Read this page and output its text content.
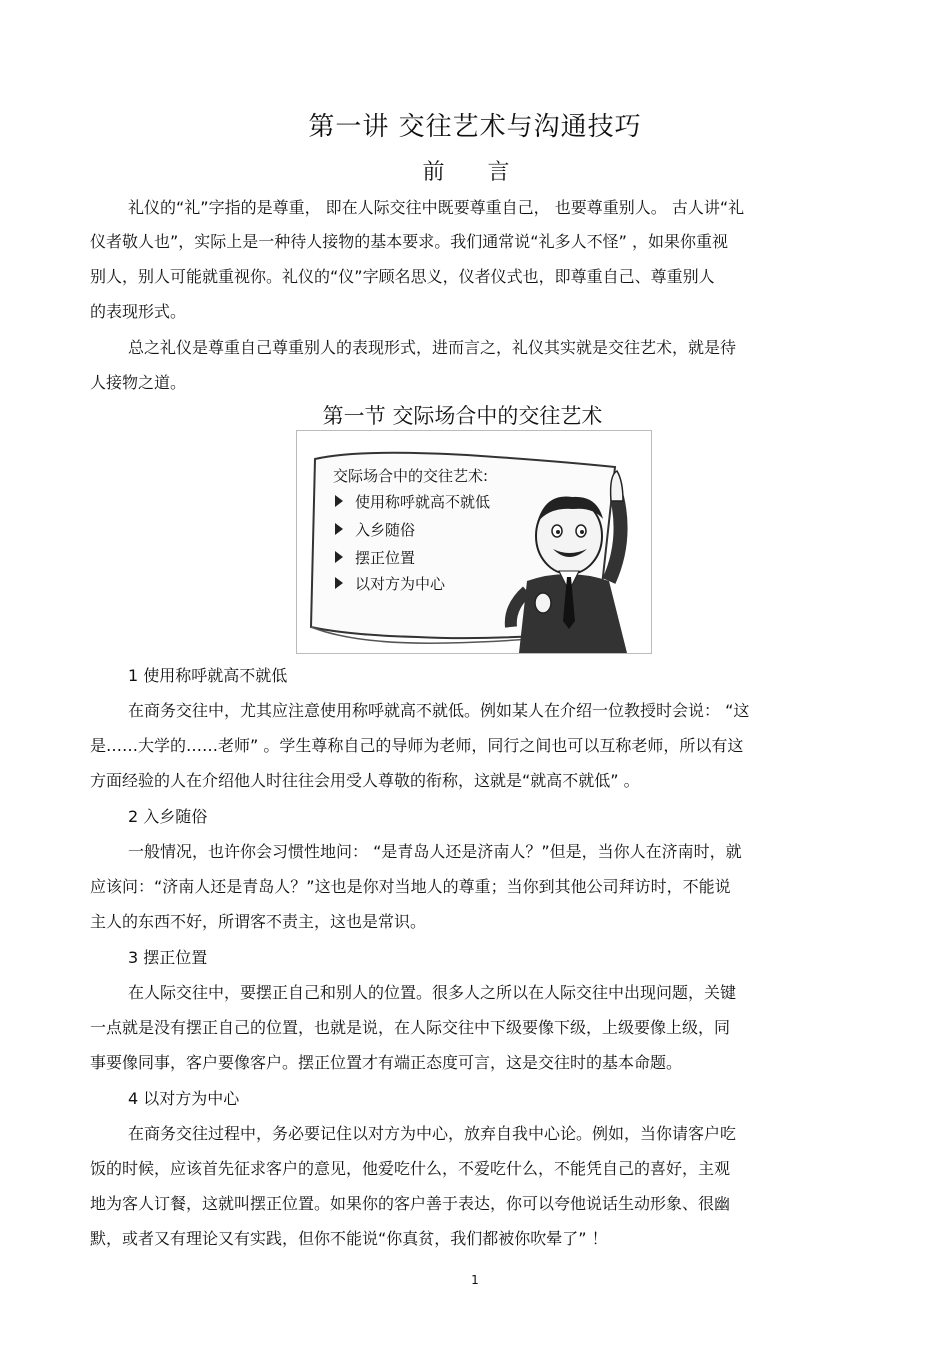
第一讲 交往艺术与沟通技巧
前 言
礼仪的“礼”字指的是尊重， 即在人际交往中既要尊重自己， 也要尊重别人。 古人讲“礼
仪者敬人也”，实际上是一种待人接物的基本要求。我们通常说“礼多人不怪” ，如果你重视
别人，别人可能就重视你。礼仪的“仪”字顾名思义，仪者仪式也，即尊重自己、尊重别人
的表现形式。
总之礼仪是尊重自己尊重别人的表现形式，进而言之，礼仪其实就是交往艺术，就是待
人接物之道。
第一节 交际场合中的交往艺术
交际场合中的交往艺术:
使用称呼就高不就低
入乡随俗
摆正位置
以对方为中心
1 使用称呼就高不就低
在商务交往中，尤其应注意使用称呼就高不就低。例如某人在介绍一位教授时会说： “这
是……大学的……老师” 。学生尊称自己的导师为老师，同行之间也可以互称老师，所以有这
方面经验的人在介绍他人时往往会用受人尊敬的衔称，这就是“就高不就低” 。
2 入乡随俗
一般情况，也许你会习惯性地问： “是青岛人还是济南人？”但是，当你人在济南时，就
应该问：“济南人还是青岛人？”这也是你对当地人的尊重；当你到其他公司拜访时，不能说
主人的东西不好，所谓客不责主，这也是常识。
3 摆正位置
在人际交往中，要摆正自己和别人的位置。很多人之所以在人际交往中出现问题，关键
一点就是没有摆正自己的位置，也就是说，在人际交往中下级要像下级，上级要像上级，同
事要像同事，客户要像客户。摆正位置才有端正态度可言，这是交往时的基本命题。
4 以对方为中心
在商务交往过程中，务必要记住以对方为中心，放弃自我中心论。例如，当你请客户吃
饭的时候，应该首先征求客户的意见，他爱吃什么，不爱吃什么，不能凭自己的喜好，主观
地为客人订餐，这就叫摆正位置。如果你的客户善于表达，你可以夸他说话生动形象、很幽
默，或者又有理论又有实践，但你不能说“你真贫，我们都被你吹晕了” ！
1
